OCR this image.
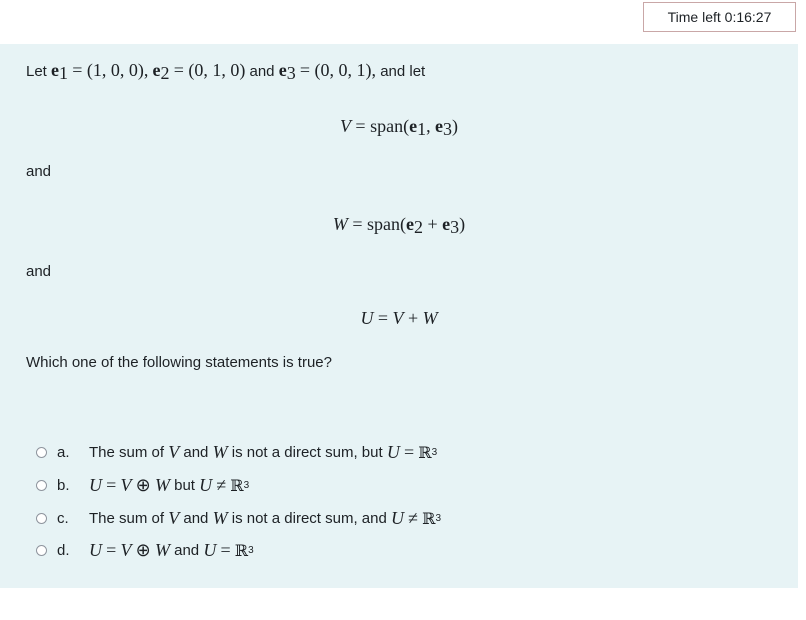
Time left 0:16:27
Let $e_1 = (1$, 0, 0), $e_2 = (0$, 1, 0) and $e_3 = (0$, 0, 1), and let
$V = span(e_1$, $e_3$)
and
$W = span(e_2 + e_3)$
and
U = V + W
Which one of the following statements is true?
a.	The sum of
V
and
W
is not a direct sum, but
U
=
ℝ 3
b.	U
=
V
⊕
W
but
U
≠
ℝ 3
c.	The sum of
V
and
W
is not a direct sum, and
U
≠
ℝ 3
d.	U
=
V
⊕
W
and
U
=
ℝ 3
